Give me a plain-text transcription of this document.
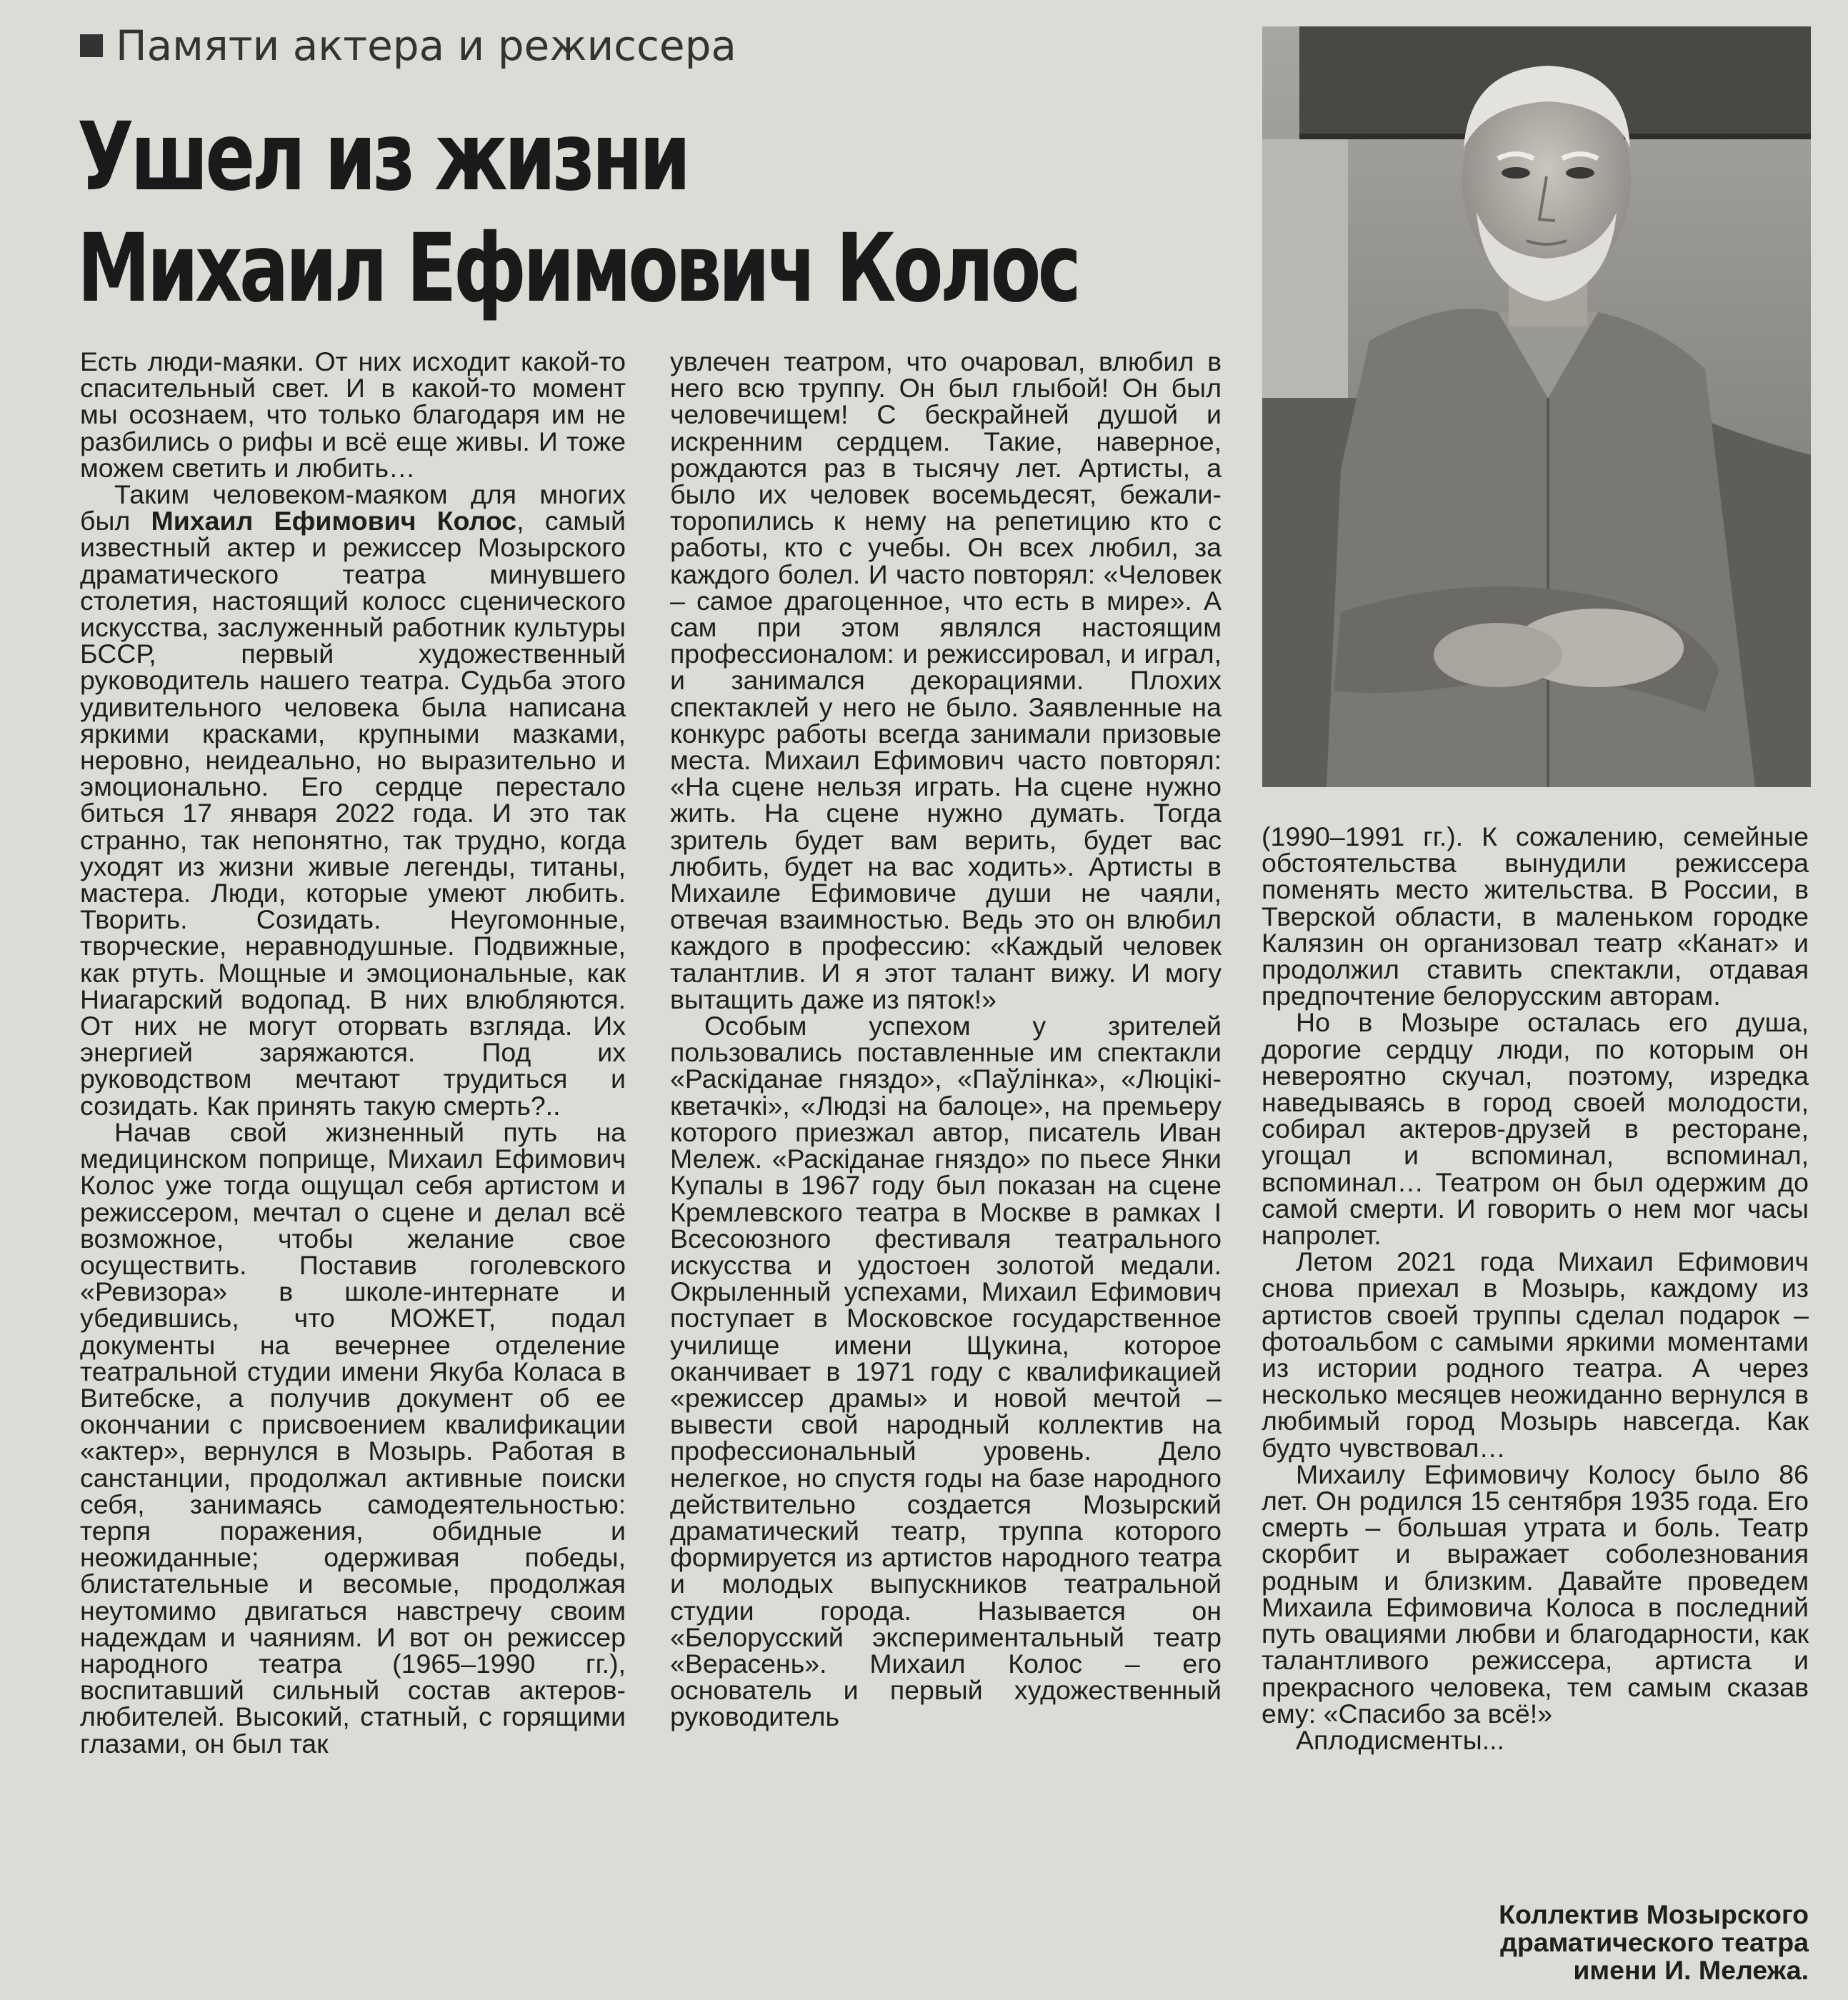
Памяти актера и режиссера
Ушел из жизни
Михаил Ефимович Колос

Есть люди-маяки. От них исходит какой-то спасительный свет. И в какой-то момент мы осознаем, что только благодаря им не разбились о рифы и всё еще живы. И тоже можем светить и любить…

Таким человеком-маяком для многих был Михаил Ефимович Колос, самый известный актер и режиссер Мозырского драматического театра минувшего столетия, настоящий колосс сценического искусства, заслуженный работник культуры БССР, первый художественный руководитель нашего театра. Судьба этого удивительного человека была написана яркими красками, крупными мазками, неровно, неидеально, но выразительно и эмоционально. Его сердце перестало биться 17 января 2022 года. И это так странно, так непонятно, так трудно, когда уходят из жизни живые легенды, титаны, мастера. Люди, которые умеют любить. Творить. Созидать. Неугомонные, творческие, неравнодушные. Подвижные, как ртуть. Мощные и эмоциональные, как Ниагарский водопад. В них влюбляются. От них не могут оторвать взгляда. Их энергией заряжаются. Под их руководством мечтают трудиться и созидать. Как принять такую смерть?..

Начав свой жизненный путь на медицинском поприще, Михаил Ефимович Колос уже тогда ощущал себя артистом и режиссером, мечтал о сцене и делал всё возможное, чтобы желание свое осуществить. Поставив гоголевского «Ревизора» в школе-интернате и убедившись, что МОЖЕТ, подал документы на вечернее отделение театральной студии имени Якуба Коласа в Витебске, а получив документ об ее окончании с присвоением квалификации «актер», вернулся в Мозырь. Работая в санстанции, продолжал активные поиски себя, занимаясь самодеятельностью: терпя поражения, обидные и неожиданные; одерживая победы, блистательные и весомые, продолжая неутомимо двигаться навстречу своим надеждам и чаяниям. И вот он режиссер народного театра (1965–1990 гг.), воспитавший сильный состав актеров-любителей. Высокий, статный, с горящими глазами, он был так

увлечен театром, что очаровал, влюбил в него всю труппу. Он был глыбой! Он был человечищем! С бескрайней душой и искренним сердцем. Такие, наверное, рождаются раз в тысячу лет. Артисты, а было их человек восемьдесят, бежали-торопились к нему на репетицию кто с работы, кто с учебы. Он всех любил, за каждого болел. И часто повторял: «Человек – самое драгоценное, что есть в мире». А сам при этом являлся настоящим профессионалом: и режиссировал, и играл, и занимался декорациями. Плохих спектаклей у него не было. Заявленные на конкурс работы всегда занимали призовые места. Михаил Ефимович часто повторял: «На сцене нельзя играть. На сцене нужно жить. На сцене нужно думать. Тогда зритель будет вам верить, будет вас любить, будет на вас ходить». Артисты в Михаиле Ефимовиче души не чаяли, отвечая взаимностью. Ведь это он влюбил каждого в профессию: «Каждый человек талантлив. И я этот талант вижу. И могу вытащить даже из пяток!»

Особым успехом у зрителей пользовались поставленные им спектакли «Раскіданае гняздо», «Паўлінка», «Люцікі-кветачкі», «Людзі на балоце», на премьеру которого приезжал автор, писатель Иван Мележ. «Раскіданае гняздо» по пьесе Янки Купалы в 1967 году был показан на сцене Кремлевского театра в Москве в рамках I Всесоюзного фестиваля театрального искусства и удостоен золотой медали. Окрыленный успехами, Михаил Ефимович поступает в Московское государственное училище имени Щукина, которое оканчивает в 1971 году с квалификацией «режиссер драмы» и новой мечтой – вывести свой народный коллектив на профессиональный уровень. Дело нелегкое, но спустя годы на базе народного действительно создается Мозырский драматический театр, труппа которого формируется из артистов народного театра и молодых выпускников театральной студии города. Называется он «Белорусский экспериментальный театр «Верасень». Михаил Колос – его основатель и первый художественный руководитель

(1990–1991 гг.). К сожалению, семейные обстоятельства вынудили режиссера поменять место жительства. В России, в Тверской области, в маленьком городке Калязин он организовал театр «Канат» и продолжил ставить спектакли, отдавая предпочтение белорусским авторам.

Но в Мозыре осталась его душа, дорогие сердцу люди, по которым он невероятно скучал, поэтому, изредка наведываясь в город своей молодости, собирал актеров-друзей в ресторане, угощал и вспоминал, вспоминал, вспоминал… Театром он был одержим до самой смерти. И говорить о нем мог часы напролет.

Летом 2021 года Михаил Ефимович снова приехал в Мозырь, каждому из артистов своей труппы сделал подарок – фотоальбом с самыми яркими моментами из истории родного театра. А через несколько месяцев неожиданно вернулся в любимый город Мозырь навсегда. Как будто чувствовал…

Михаилу Ефимовичу Колосу было 86 лет. Он родился 15 сентября 1935 года. Его смерть – большая утрата и боль. Театр скорбит и выражает соболезнования родным и близким. Давайте проведем Михаила Ефимовича Колоса в последний путь овациями любви и благодарности, как талантливого режиссера, артиста и прекрасного человека, тем самым сказав ему: «Спасибо за всё!»

Аплодисменты...

Коллектив Мозырского
драматического театра
имени И. Мележа.
